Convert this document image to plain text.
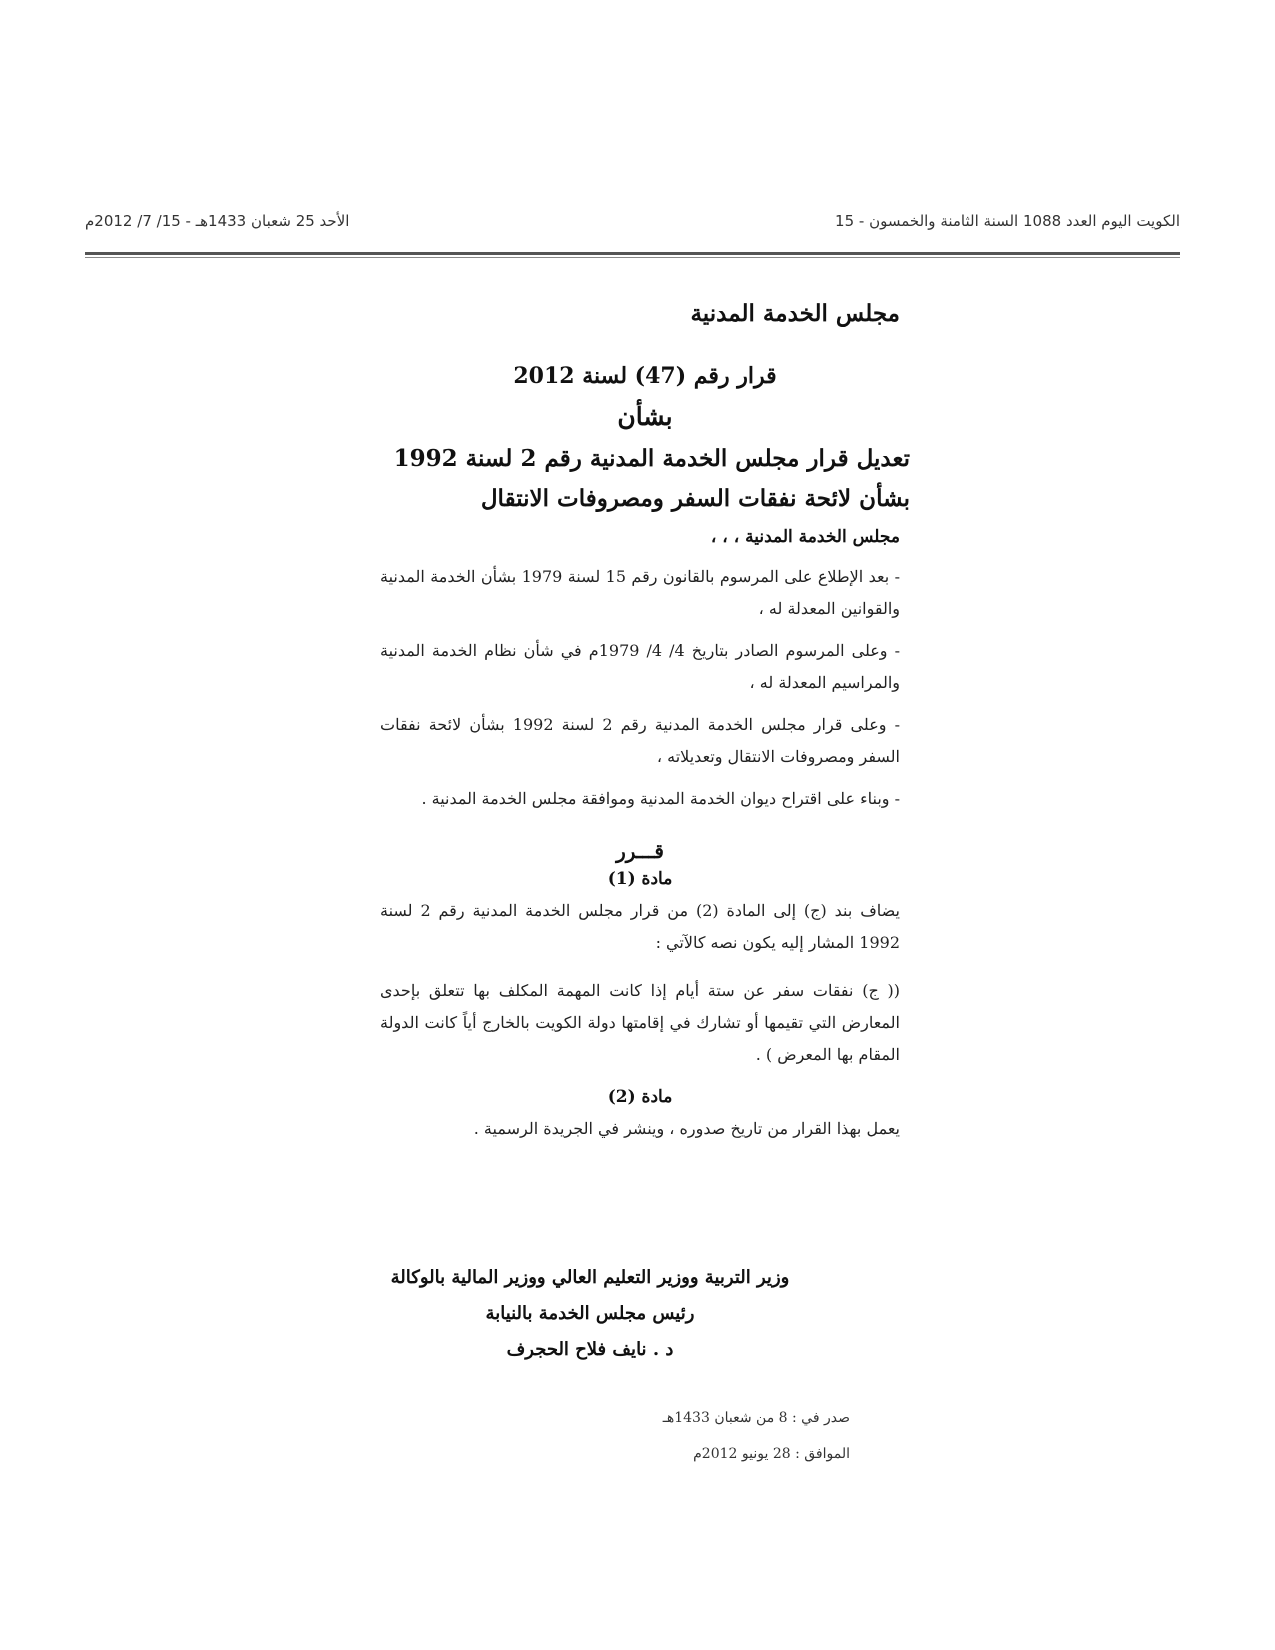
الكويت اليوم العدد 1088 السنة الثامنة والخمسون - 15
الأحد 25 شعبان 1433هـ - 15/ 7/ 2012م
مجلس الخدمة المدنية

قرار رقم (47) لسنة 2012

بشأن

تعديل قرار مجلس الخدمة المدنية رقم 2 لسنة 1992

بشأن لائحة نفقات السفر ومصروفات الانتقال

مجلس الخدمة المدنية ، ، ،
- بعد الإطلاع على المرسوم بالقانون رقم 15 لسنة 1979 بشأن الخدمة المدنية والقوانين المعدلة له ،
- وعلى المرسوم الصادر بتاريخ 4/ 4/ 1979م في شأن نظام الخدمة المدنية والمراسيم المعدلة له ،
- وعلى قرار مجلس الخدمة المدنية رقم 2 لسنة 1992 بشأن لائحة نفقات السفر ومصروفات الانتقال وتعديلاته ،
- وبناء على اقتراح ديوان الخدمة المدنية وموافقة مجلس الخدمة المدنية .
قـــرر
مادة (1)

يضاف بند (ج) إلى المادة (2) من قرار مجلس الخدمة المدنية رقم 2 لسنة 1992 المشار إليه يكون نصه كالآتي :

(( ج) نفقات سفر عن ستة أيام إذا كانت المهمة المكلف بها تتعلق بإحدى المعارض التي تقيمها أو تشارك في إقامتها دولة الكويت بالخارج أياً كانت الدولة المقام بها المعرض ) .

مادة (2)

يعمل بهذا القرار من تاريخ صدوره ، وينشر في الجريدة الرسمية .

وزير التربية ووزير التعليم العالي ووزير المالية بالوكالة
رئيس مجلس الخدمة بالنيابة
د . نايف فلاح الحجرف
صدر في : 8 من شعبان 1433هـ
الموافق : 28 يونيو 2012م
